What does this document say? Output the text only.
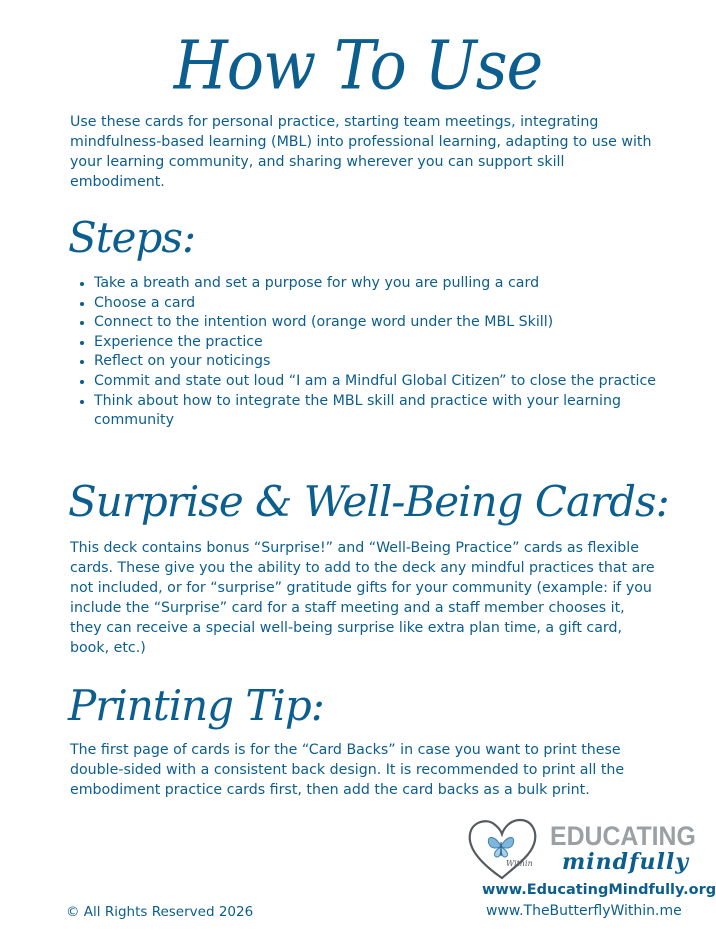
How To Use

Use these cards for personal practice, starting team meetings, integrating mindfulness-based learning (MBL) into professional learning, adapting to use with your learning community, and sharing wherever you can support skill embodiment.

Steps:
• Take a breath and set a purpose for why you are pulling a card
• Choose a card
• Connect to the intention word (orange word under the MBL Skill)
• Experience the practice
• Reflect on your noticings
• Commit and state out loud “I am a Mindful Global Citizen” to close the practice
• Think about how to integrate the MBL skill and practice with your learning community
Surprise & Well-Being Cards:

This deck contains bonus “Surprise!” and “Well-Being Practice” cards as flexible cards. These give you the ability to add to the deck any mindful practices that are not included, or for “surprise” gratitude gifts for your community (example: if you include the “Surprise” card for a staff meeting and a staff member chooses it, they can receive a special well-being surprise like extra plan time, a gift card, book, etc.)

Printing Tip:

The first page of cards is for the “Card Backs” in case you want to print these double-sided with a consistent back design. It is recommended to print all the embodiment practice cards first, then add the card backs as a bulk print.

Within
EDUCATING
mindfully
www.EducatingMindfully.org
www.TheButterflyWithin.me
© All Rights Reserved 2026
